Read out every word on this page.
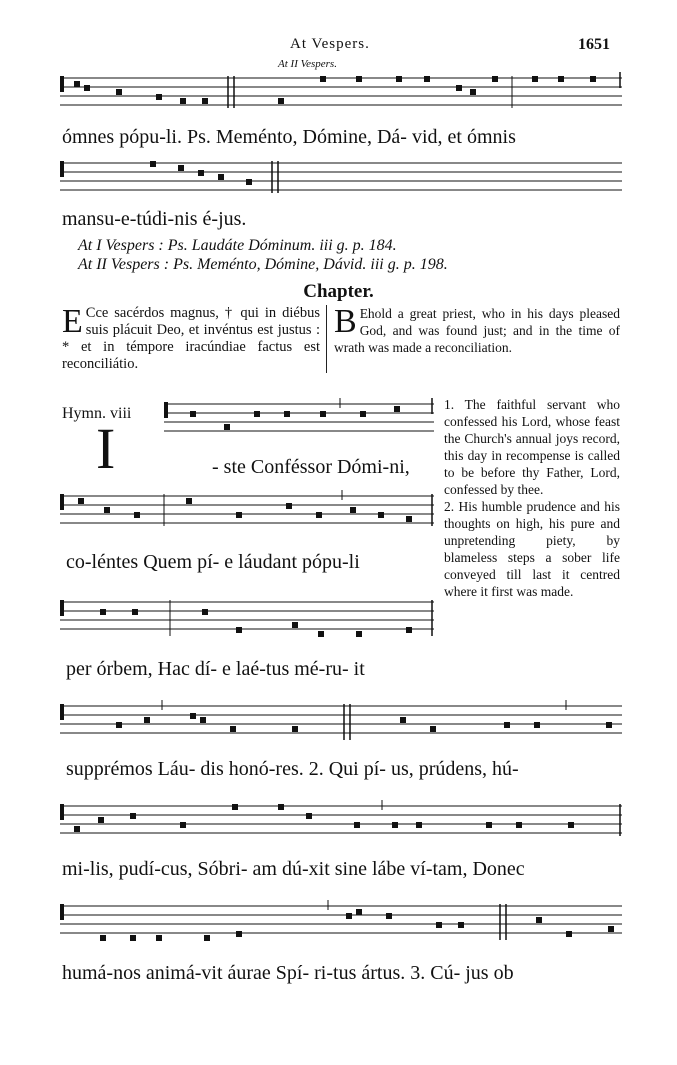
At Vespers.	1651
At II Vespers.
ómnes pópu-li. Ps. Meménto, Dómine, Dá- vid, et ómnis
mansu-e-túdi-nis é-jus.
At I Vespers : Ps. Laudáte Dóminum. iii g. p. 184.
At II Vespers : Ps. Meménto, Dómine, Dávid. iii g. p. 198.
Chapter.
E Cce sacérdos magnus, † qui in diébus suis plácuit Deo, et invéntus est justus : * et in témpore iracúndiae factus est reconciliátio.
B Ehold a great priest, who in his days pleased God, and was found just; and in the time of wrath was made a reconciliation.
Hymn. viii
I	- ste Conféssor Dómi-ni,
co-léntes Quem pí- e láudant pópu-li
per órbem, Hac dí- e laé-tus mé-ru- it

1. The faithful servant who confessed his Lord, whose feast the Church's annual joys record, this day in recompense is called to be before thy Father, Lord, confessed by thee.

2. His humble prudence and his thoughts on high, his pure and unpretending piety, by blameless steps a sober life conveyed till last it centred where it first was made.

supprémos Láu- dis honó-res. 2. Qui pí- us, prúdens, hú-
mi-lis, pudí-cus, Sóbri- am dú-xit sine lábe ví-tam, Donec
humá-nos animá-vit áurae Spí- ri-tus ártus. 3. Cú- jus ob
